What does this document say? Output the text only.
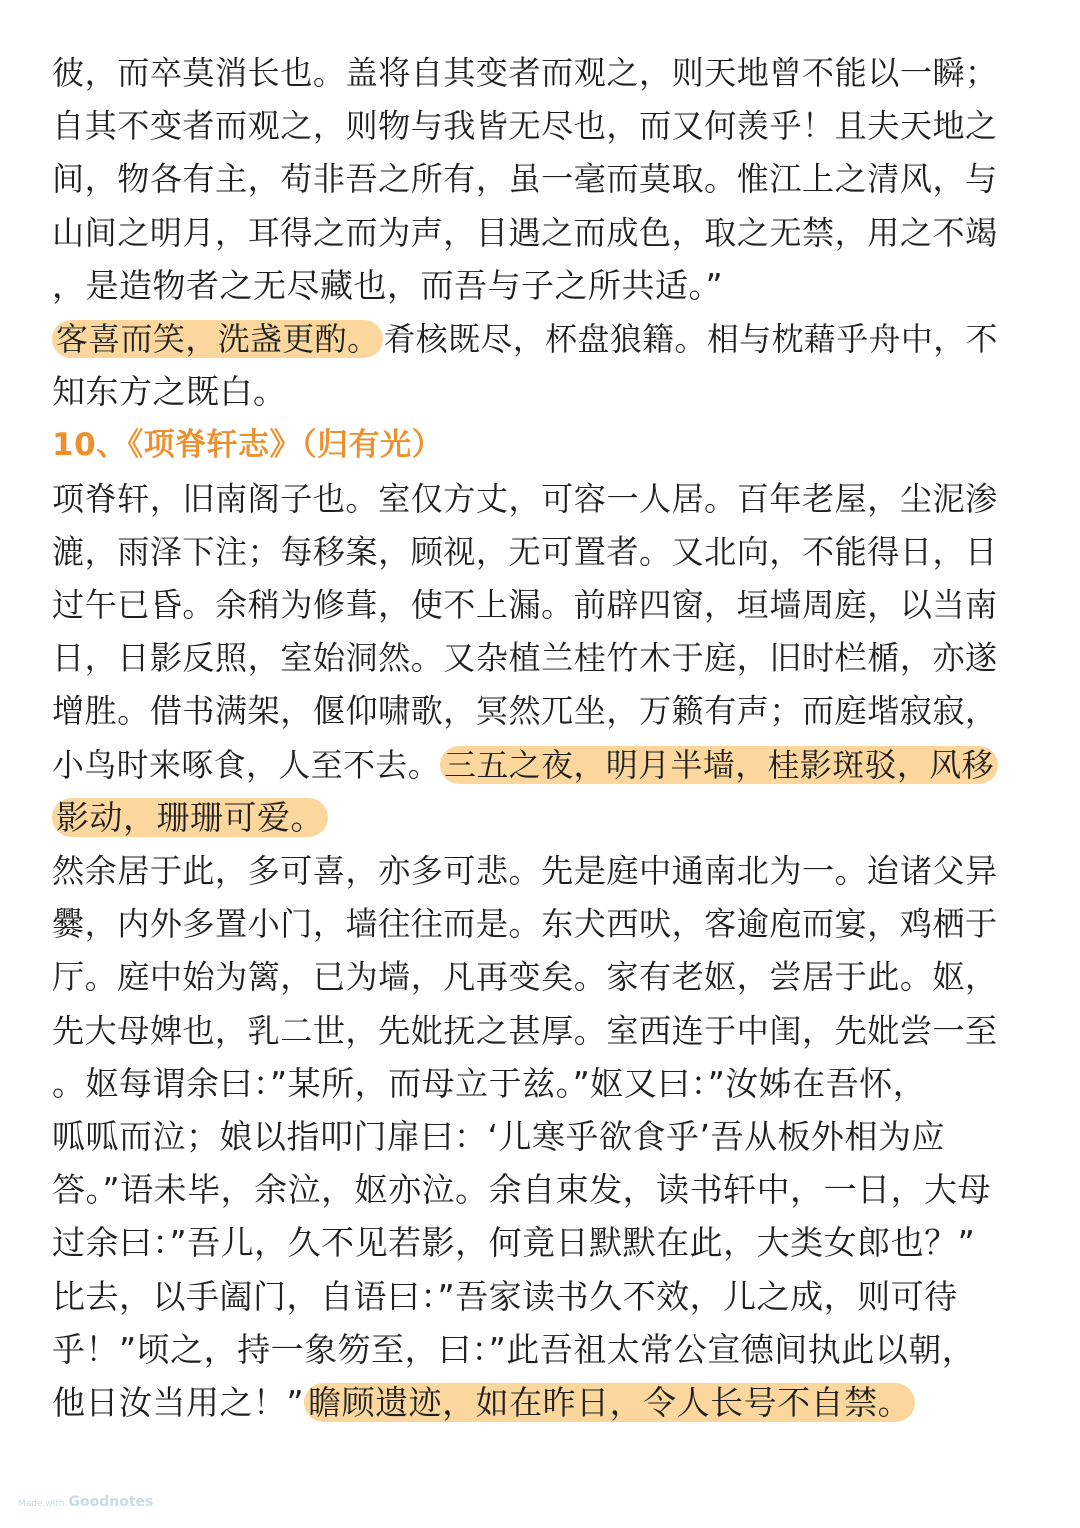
彼，而卒莫消长也。盖将自其变者而观之，则天地曾不能以一瞬；
自其不变者而观之，则物与我皆无尽也，而又何羡乎！且夫天地之
间，物各有主，苟非吾之所有，虽一毫而莫取。惟江上之清风，与
山间之明月，耳得之而为声，目遇之而成色，取之无禁，用之不竭
，是造物者之无尽藏也，而吾与子之所共适。”
客喜而笑，洗盏更酌。 肴核既尽，杯盘狼籍。相与枕藉乎舟中，不
知东方之既白。
10、《项脊轩志》（归有光）
项脊轩，旧南阁子也。室仅方丈，可容一人居。百年老屋，尘泥渗
漉，雨泽下注；每移案，顾视，无可置者。又北向，不能得日，日
过午已昏。余稍为修葺，使不上漏。前辟四窗，垣墙周庭，以当南
日，日影反照，室始洞然。又杂植兰桂竹木于庭，旧时栏楯，亦遂
增胜。借书满架，偃仰啸歌，冥然兀坐，万籁有声；而庭堦寂寂，
小鸟时来啄食，人至不去。 三五之夜，明月半墙，桂影斑驳，风移
影动，珊珊可爱。
然余居于此，多可喜，亦多可悲。先是庭中通南北为一。迨诸父异
爨，内外多置小门，墙往往而是。东犬西吠，客逾庖而宴，鸡栖于
厅。庭中始为篱，已为墙，凡再变矣。家有老妪，尝居于此。妪，
先大母婢也，乳二世，先妣抚之甚厚。室西连于中闺，先妣尝一至
。妪每谓余曰：”某所，而母立于兹。”妪又曰：”汝姊在吾怀，
呱呱而泣；娘以指叩门扉曰：‘儿寒乎欲食乎’吾从板外相为应
答。”语未毕，余泣，妪亦泣。余自束发，读书轩中，一日，大母
过余曰：”吾儿，久不见若影，何竟日默默在此，大类女郎也？”
比去，以手阖门，自语曰：”吾家读书久不效，儿之成，则可待
乎！”顷之，持一象笏至，曰：”此吾祖太常公宣德间执此以朝，
他日汝当用之！” 瞻顾遗迹，如在昨日，令人长号不自禁。
Made with Goodnotes
